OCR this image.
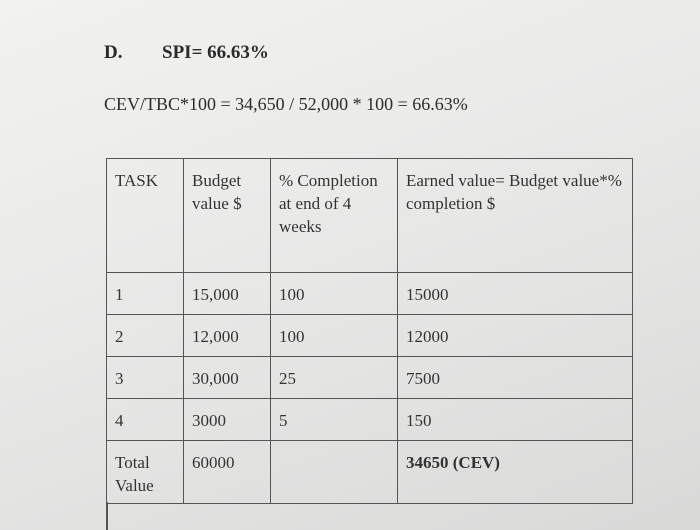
D. SPI= 66.63%
CEV/TBC*100 = 34,650 / 52,000 * 100 = 66.63%
TASK	Budget value $	% Completion at end of 4 weeks	Earned value= Budget value*% completion $
1	15,000	100	15000
2	12,000	100	12000
3	30,000	25	7500
4	3000	5	150
Total Value	60000		34650 (CEV)
